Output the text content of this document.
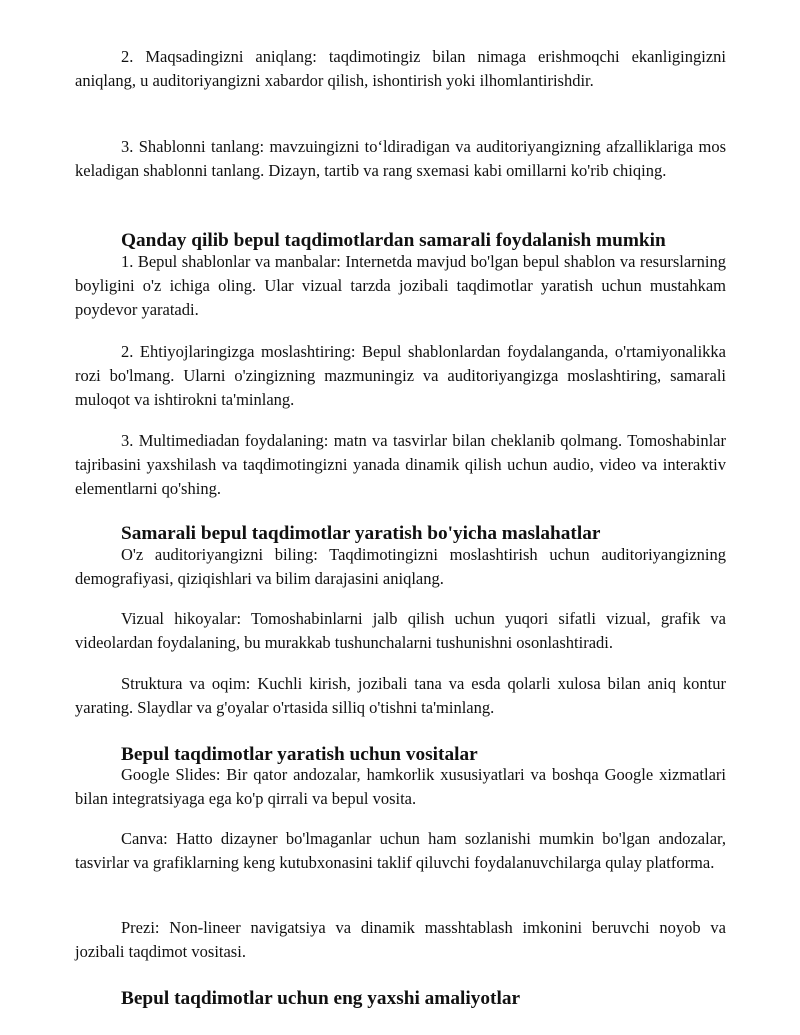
2. Maqsadingizni aniqlang: taqdimotingiz bilan nimaga erishmoqchi ekanligingizni aniqlang, u auditoriyangizni xabardor qilish, ishontirish yoki ilhomlantirishdir.

3. Shablonni tanlang: mavzuingizni toʻldiradigan va auditoriyangizning afzalliklariga mos keladigan shablonni tanlang. Dizayn, tartib va rang sxemasi kabi omillarni ko'rib chiqing.

Qanday qilib bepul taqdimotlardan samarali foydalanish mumkin

1. Bepul shablonlar va manbalar: Internetda mavjud bo'lgan bepul shablon va resurslarning boyligini o'z ichiga oling. Ular vizual tarzda jozibali taqdimotlar yaratish uchun mustahkam poydevor yaratadi.

2. Ehtiyojlaringizga moslashtiring: Bepul shablonlardan foydalanganda, o'rtamiyonalikka rozi bo'lmang. Ularni o'zingizning mazmuningiz va auditoriyangizga moslashtiring, samarali muloqot va ishtirokni ta'minlang.

3. Multimediadan foydalaning: matn va tasvirlar bilan cheklanib qolmang. Tomoshabinlar tajribasini yaxshilash va taqdimotingizni yanada dinamik qilish uchun audio, video va interaktiv elementlarni qo'shing.

Samarali bepul taqdimotlar yaratish bo'yicha maslahatlar

O'z auditoriyangizni biling: Taqdimotingizni moslashtirish uchun auditoriyangizning demografiyasi, qiziqishlari va bilim darajasini aniqlang.

Vizual hikoyalar: Tomoshabinlarni jalb qilish uchun yuqori sifatli vizual, grafik va videolardan foydalaning, bu murakkab tushunchalarni tushunishni osonlashtiradi.

Struktura va oqim: Kuchli kirish, jozibali tana va esda qolarli xulosa bilan aniq kontur yarating. Slaydlar va g'oyalar o'rtasida silliq o'tishni ta'minlang.

Bepul taqdimotlar yaratish uchun vositalar

Google Slides: Bir qator andozalar, hamkorlik xususiyatlari va boshqa Google xizmatlari bilan integratsiyaga ega ko'p qirrali va bepul vosita.

Canva: Hatto dizayner bo'lmaganlar uchun ham sozlanishi mumkin bo'lgan andozalar, tasvirlar va grafiklarning keng kutubxonasini taklif qiluvchi foydalanuvchilarga qulay platforma.

Prezi: Non-lineer navigatsiya va dinamik masshtablash imkonini beruvchi noyob va jozibali taqdimot vositasi.

Bepul taqdimotlar uchun eng yaxshi amaliyotlar
